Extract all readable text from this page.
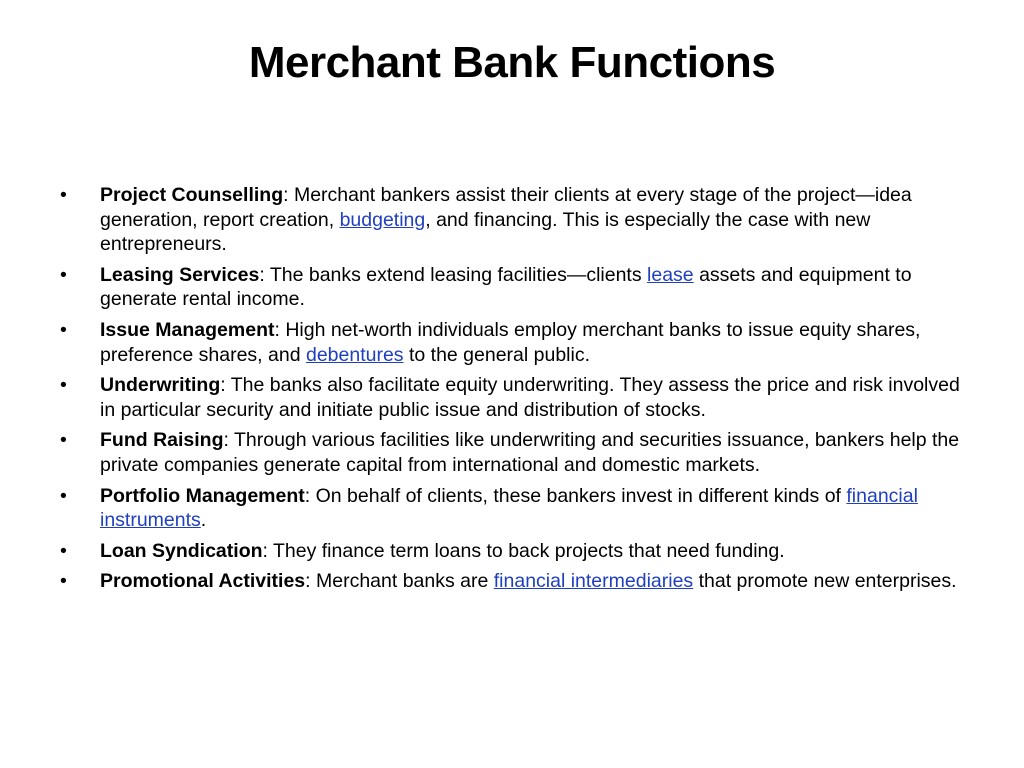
Merchant Bank Functions
•	Project Counselling: Merchant bankers assist their clients at every stage of the project—idea generation, report creation, budgeting, and financing. This is especially the case with new entrepreneurs.
•	Leasing Services: The banks extend leasing facilities—clients lease assets and equipment to generate rental income.
•	Issue Management: High net-worth individuals employ merchant banks to issue equity shares, preference shares, and debentures to the general public.
•	Underwriting: The banks also facilitate equity underwriting. They assess the price and risk involved in particular security and initiate public issue and distribution of stocks.
•	Fund Raising: Through various facilities like underwriting and securities issuance, bankers help the private companies generate capital from international and domestic markets.
•	Portfolio Management: On behalf of clients, these bankers invest in different kinds of financial instruments.
•	Loan Syndication: They finance term loans to back projects that need funding.
•	Promotional Activities: Merchant banks are financial intermediaries that promote new enterprises.
